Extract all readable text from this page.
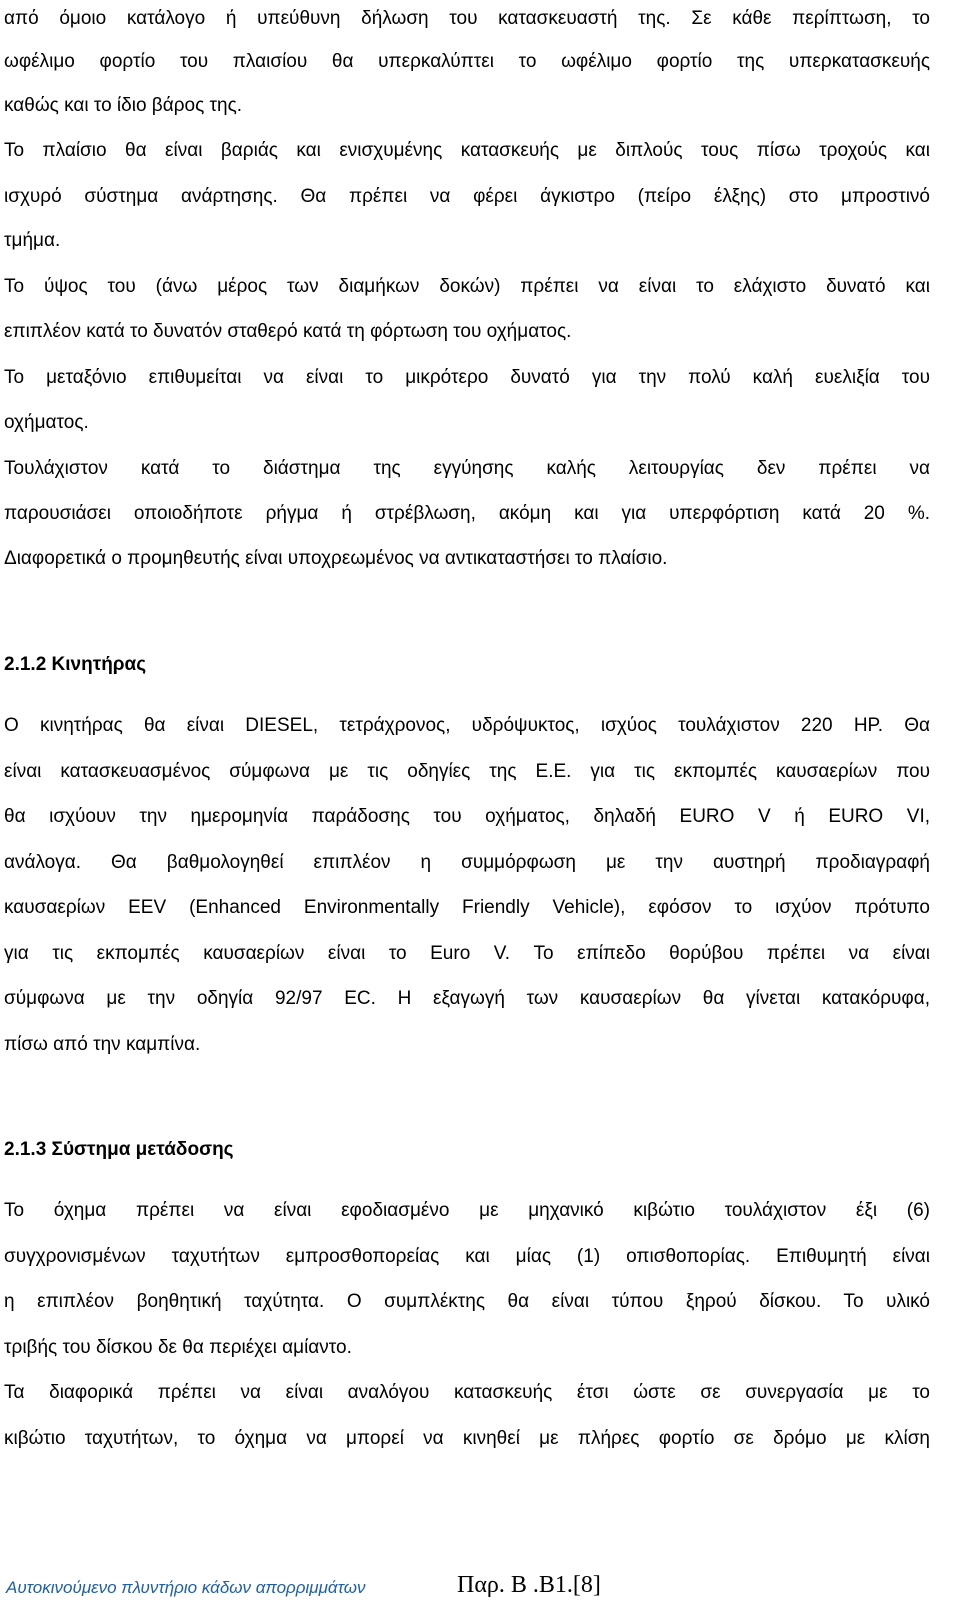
από όμοιο κατάλογο ή υπεύθυνη δήλωση του κατασκευαστή της. Σε κάθε περίπτωση, το
ωφέλιμο φορτίο του πλαισίου θα υπερκαλύπτει το ωφέλιμο φορτίο της υπερκατασκευής
καθώς και το ίδιο βάρος της.
Το πλαίσιο θα είναι βαριάς και ενισχυμένης κατασκευής με διπλούς τους πίσω τροχούς και
ισχυρό σύστημα ανάρτησης. Θα πρέπει να φέρει άγκιστρο (πείρο έλξης) στο μπροστινό
τμήμα.
Το ύψος του (άνω μέρος των διαμήκων δοκών) πρέπει να είναι το ελάχιστο δυνατό και
επιπλέον κατά το δυνατόν σταθερό κατά τη φόρτωση του οχήματος.
Το μεταξόνιο επιθυμείται να είναι το μικρότερο δυνατό για την πολύ καλή ευελιξία του
οχήματος.
Τουλάχιστον κατά το διάστημα της εγγύησης καλής λειτουργίας δεν πρέπει να
παρουσιάσει οποιοδήποτε ρήγμα ή στρέβλωση, ακόμη και για υπερφόρτιση κατά 20 %.
Διαφορετικά ο προμηθευτής είναι υποχρεωμένος να αντικαταστήσει το πλαίσιο.
2.1.2 Κινητήρας
Ο κινητήρας θα είναι DIESEL, τετράχρονος, υδρόψυκτος, ισχύος τουλάχιστον 220 HP. Θα
είναι κατασκευασμένος σύμφωνα με τις οδηγίες της Ε.Ε. για τις εκπομπές καυσαερίων που
θα ισχύουν την ημερομηνία παράδοσης του οχήματος, δηλαδή EURO V ή EURO VI,
ανάλογα. Θα βαθμολογηθεί επιπλέον η συμμόρφωση με την αυστηρή προδιαγραφή
καυσαερίων EEV (Enhanced Environmentally Friendly Vehicle), εφόσον το ισχύον πρότυπο
για τις εκπομπές καυσαερίων είναι το Euro V. Το επίπεδο θορύβου πρέπει να είναι
σύμφωνα με την οδηγία 92/97 EC. Η εξαγωγή των καυσαερίων θα γίνεται κατακόρυφα,
πίσω από την καμπίνα.
2.1.3 Σύστημα μετάδοσης
Το όχημα πρέπει να είναι εφοδιασμένο με μηχανικό κιβώτιο τουλάχιστον έξι (6)
συγχρονισμένων ταχυτήτων εμπροσθοπορείας και μίας (1) οπισθοπορίας. Επιθυμητή είναι
η επιπλέον βοηθητική ταχύτητα. Ο συμπλέκτης θα είναι τύπου ξηρού δίσκου. Το υλικό
τριβής του δίσκου δε θα περιέχει αμίαντο.
Τα διαφορικά πρέπει να είναι αναλόγου κατασκευής έτσι ώστε σε συνεργασία με το
κιβώτιο ταχυτήτων, το όχημα να μπορεί να κινηθεί με πλήρες φορτίο σε δρόμο με κλίση
Αυτοκινούμενο πλυντήριο κάδων απορριμμάτων	Παρ. Β .Β1.[8]
